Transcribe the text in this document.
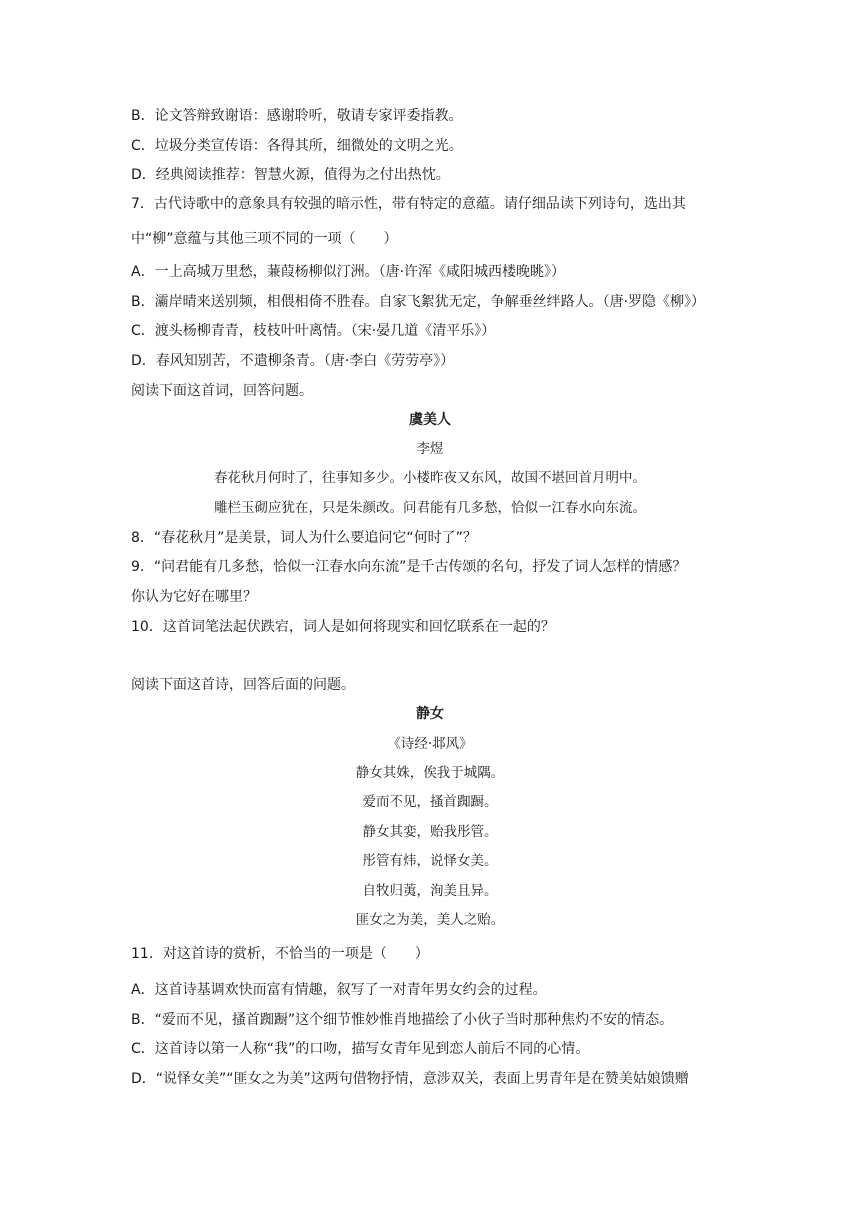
B．论文答辩致谢语：感谢聆听，敬请专家评委指教。
C．垃圾分类宣传语：各得其所，细微处的文明之光。
D．经典阅读推荐：智慧火源，值得为之付出热忱。
7．古代诗歌中的意象具有较强的暗示性，带有特定的意蕴。请仔细品读下列诗句，选出其
中“柳”意蕴与其他三项不同的一项（　　）
A．一上高城万里愁，蒹葭杨柳似汀洲。（唐·许浑《咸阳城西楼晚眺》）
B．灞岸晴来送别频，相偎相倚不胜春。自家飞絮犹无定，争解垂丝绊路人。（唐·罗隐《柳》）
C．渡头杨柳青青，枝枝叶叶离情。（宋·晏几道《清平乐》）
D．春风知别苦，不遣柳条青。（唐·李白《劳劳亭》）
阅读下面这首词，回答问题。
虞美人
李煜
春花秋月何时了，往事知多少。小楼昨夜又东风，故国不堪回首月明中。
雕栏玉砌应犹在，只是朱颜改。问君能有几多愁，恰似一江春水向东流。
8．“春花秋月”是美景，词人为什么要追问它“何时了”？
9．“问君能有几多愁，恰似一江春水向东流”是千古传颂的名句，抒发了词人怎样的情感？
你认为它好在哪里？
10．这首词笔法起伏跌宕，词人是如何将现实和回忆联系在一起的？
阅读下面这首诗，回答后面的问题。
静女
《诗经·邶风》
静女其姝，俟我于城隅。
爱而不见，搔首踟蹰。
静女其娈，贻我彤管。
彤管有炜，说怿女美。
自牧归荑，洵美且异。
匪女之为美，美人之贻。
11．对这首诗的赏析，不恰当的一项是（　　）
A．这首诗基调欢快而富有情趣，叙写了一对青年男女约会的过程。
B．“爱而不见，搔首踟蹰”这个细节惟妙惟肖地描绘了小伙子当时那种焦灼不安的情态。
C．这首诗以第一人称“我”的口吻，描写女青年见到恋人前后不同的心情。
D．“说怿女美”“匪女之为美”这两句借物抒情，意涉双关，表面上男青年是在赞美姑娘馈赠
